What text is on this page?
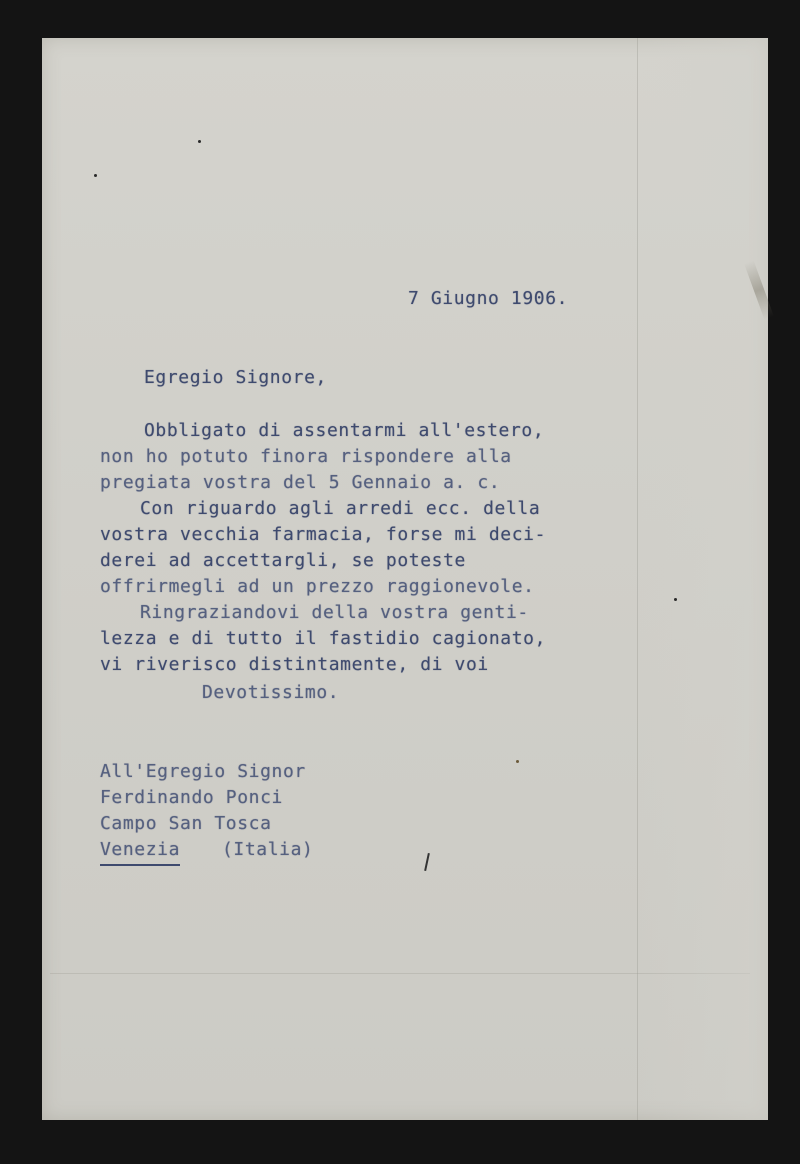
7 Giugno 1906.

Egregio Signore,

Obbligato di assentarmi all'estero,

non ho potuto finora rispondere alla

pregiata vostra del 5 Gennaio a. c.

Con riguardo agli arredi ecc. della

vostra vecchia farmacia, forse mi deci-

derei ad accettargli, se poteste

offrirmegli ad un prezzo raggionevole.

Ringraziandovi della vostra genti-

lezza e di tutto il fastidio cagionato,

vi riverisco distintamente, di voi

Devotissimo.

All'Egregio Signor

Ferdinando Ponci

Campo San Tosca

Venezia (Italia)
